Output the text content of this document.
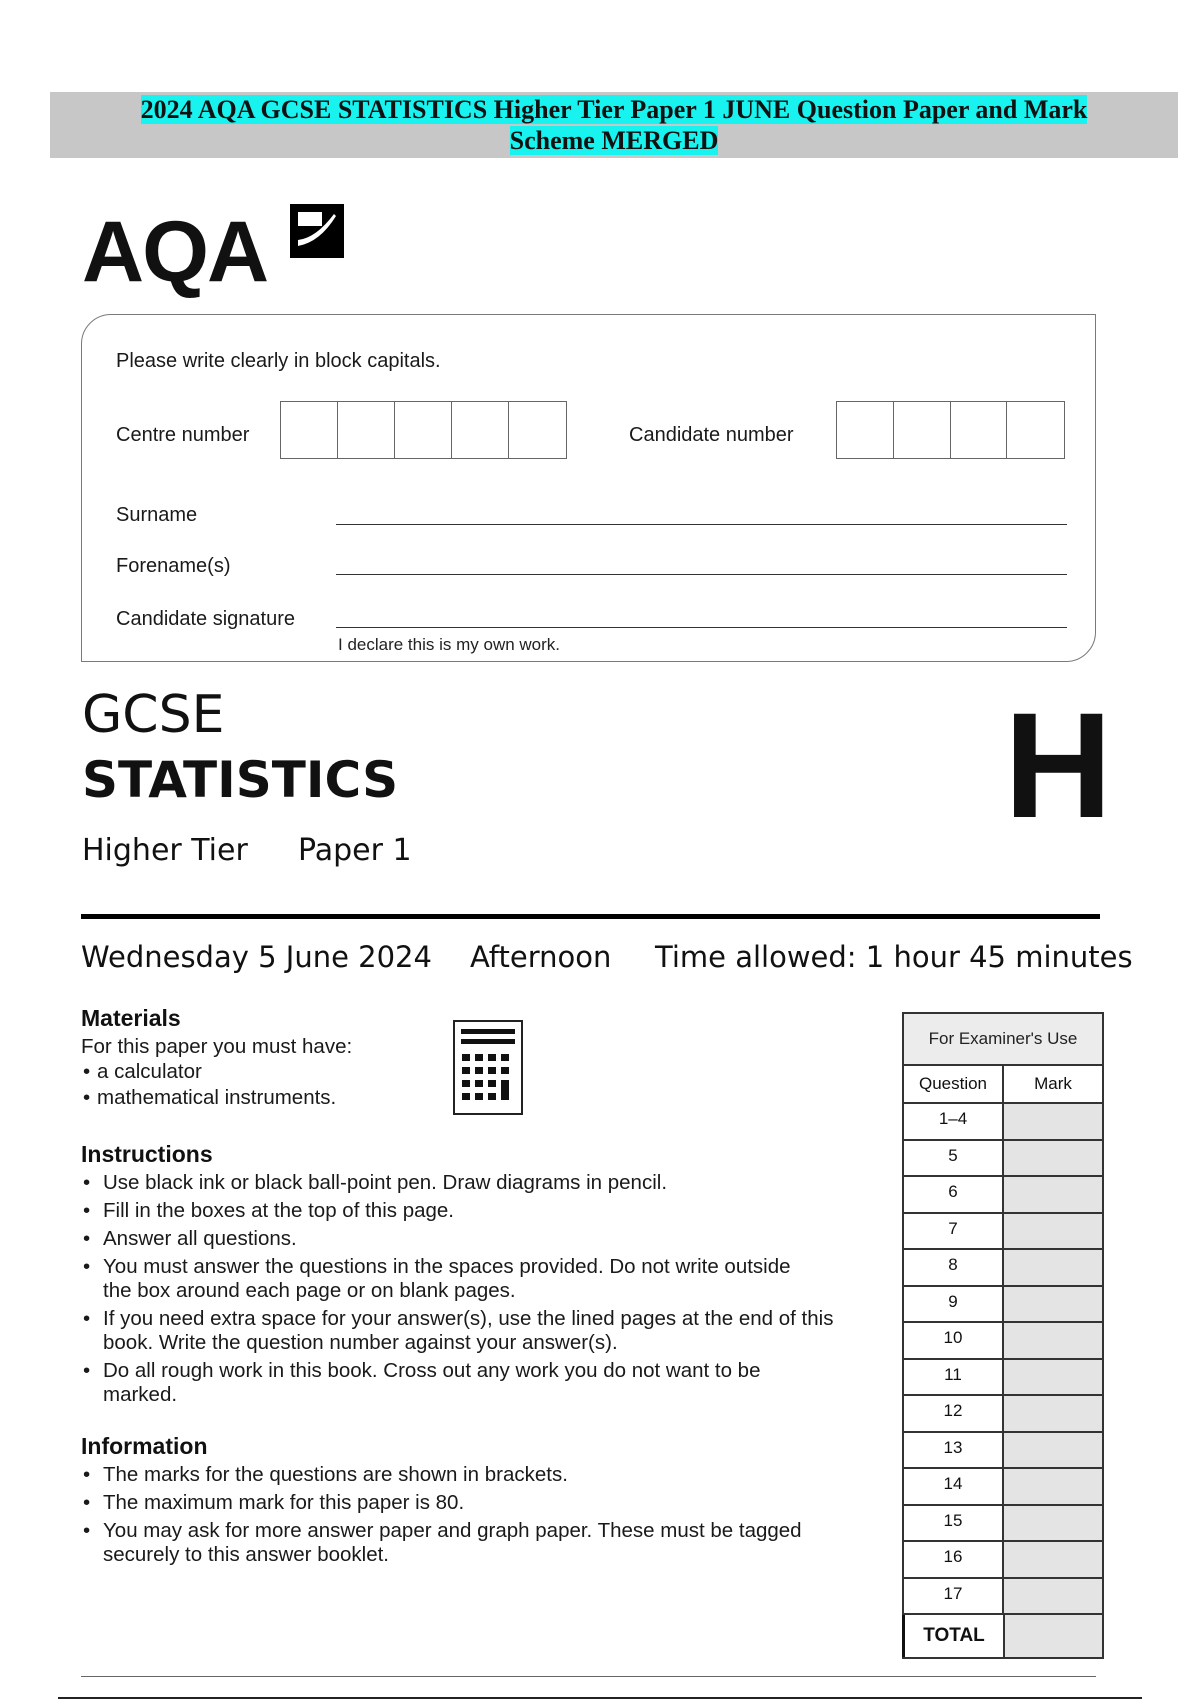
2024 AQA GCSE STATISTICS Higher Tier Paper 1 JUNE Question Paper and Mark
Scheme MERGED
AQA
Please write clearly in block capitals.
Centre number	Candidate number
Surname
Forename(s)
Candidate signature
I declare this is my own work.
GCSE
STATISTICS
Higher Tier Paper 1
H
Wednesday 5 June 2024 Afternoon Time allowed: 1 hour 45 minutes
Materials
For this paper you must have:
• a calculator
• mathematical instruments.
Instructions
• Use black ink or black ball-point pen. Draw diagrams in pencil.
• Fill in the boxes at the top of this page.
• Answer all questions.
• You must answer the questions in the spaces provided. Do not write outside the box around each page or on blank pages.
• If you need extra space for your answer(s), use the lined pages at the end of this book. Write the question number against your answer(s).
• Do all rough work in this book. Cross out any work you do not want to be marked.
Information
• The marks for the questions are shown in brackets.
• The maximum mark for this paper is 80.
• You may ask for more answer paper and graph paper. These must be tagged securely to this answer booklet.
For Examiner's Use
Question	Mark
1–4
5
6
7
8
9
10
11
12
13
14
15
16
17
TOTAL
